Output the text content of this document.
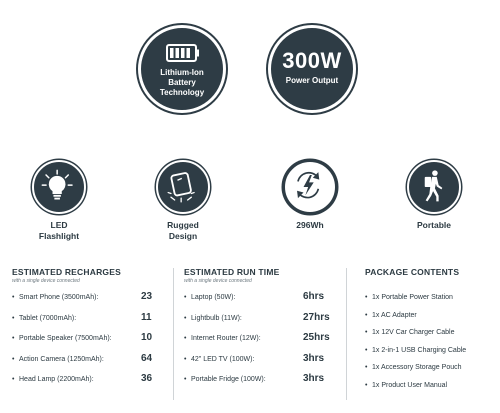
Lithium-Ion
Battery
Technology
300W
Power Output
LED
Flashlight
Rugged
Design
296Wh	Portable
ESTIMATED RECHARGES
with a single device connected
• Smart Phone (3500mAh):	23
• Tablet (7000mAh):	11
• Portable Speaker (7500mAh):	10
• Action Camera (1250mAh):	64
• Head Lamp (2200mAh):	36
ESTIMATED RUN TIME
with a single device connected
• Laptop (50W):	6hrs
• Lightbulb (11W):	27hrs
• Internet Router (12W):	25hrs
• 42" LED TV (100W):	3hrs
• Portable Fridge (100W):	3hrs
PACKAGE CONTENTS
• 1x Portable Power Station
• 1x AC Adapter
• 1x 12V Car Charger Cable
• 1x 2-in-1 USB Charging Cable
• 1x Accessory Storage Pouch
• 1x Product User Manual
